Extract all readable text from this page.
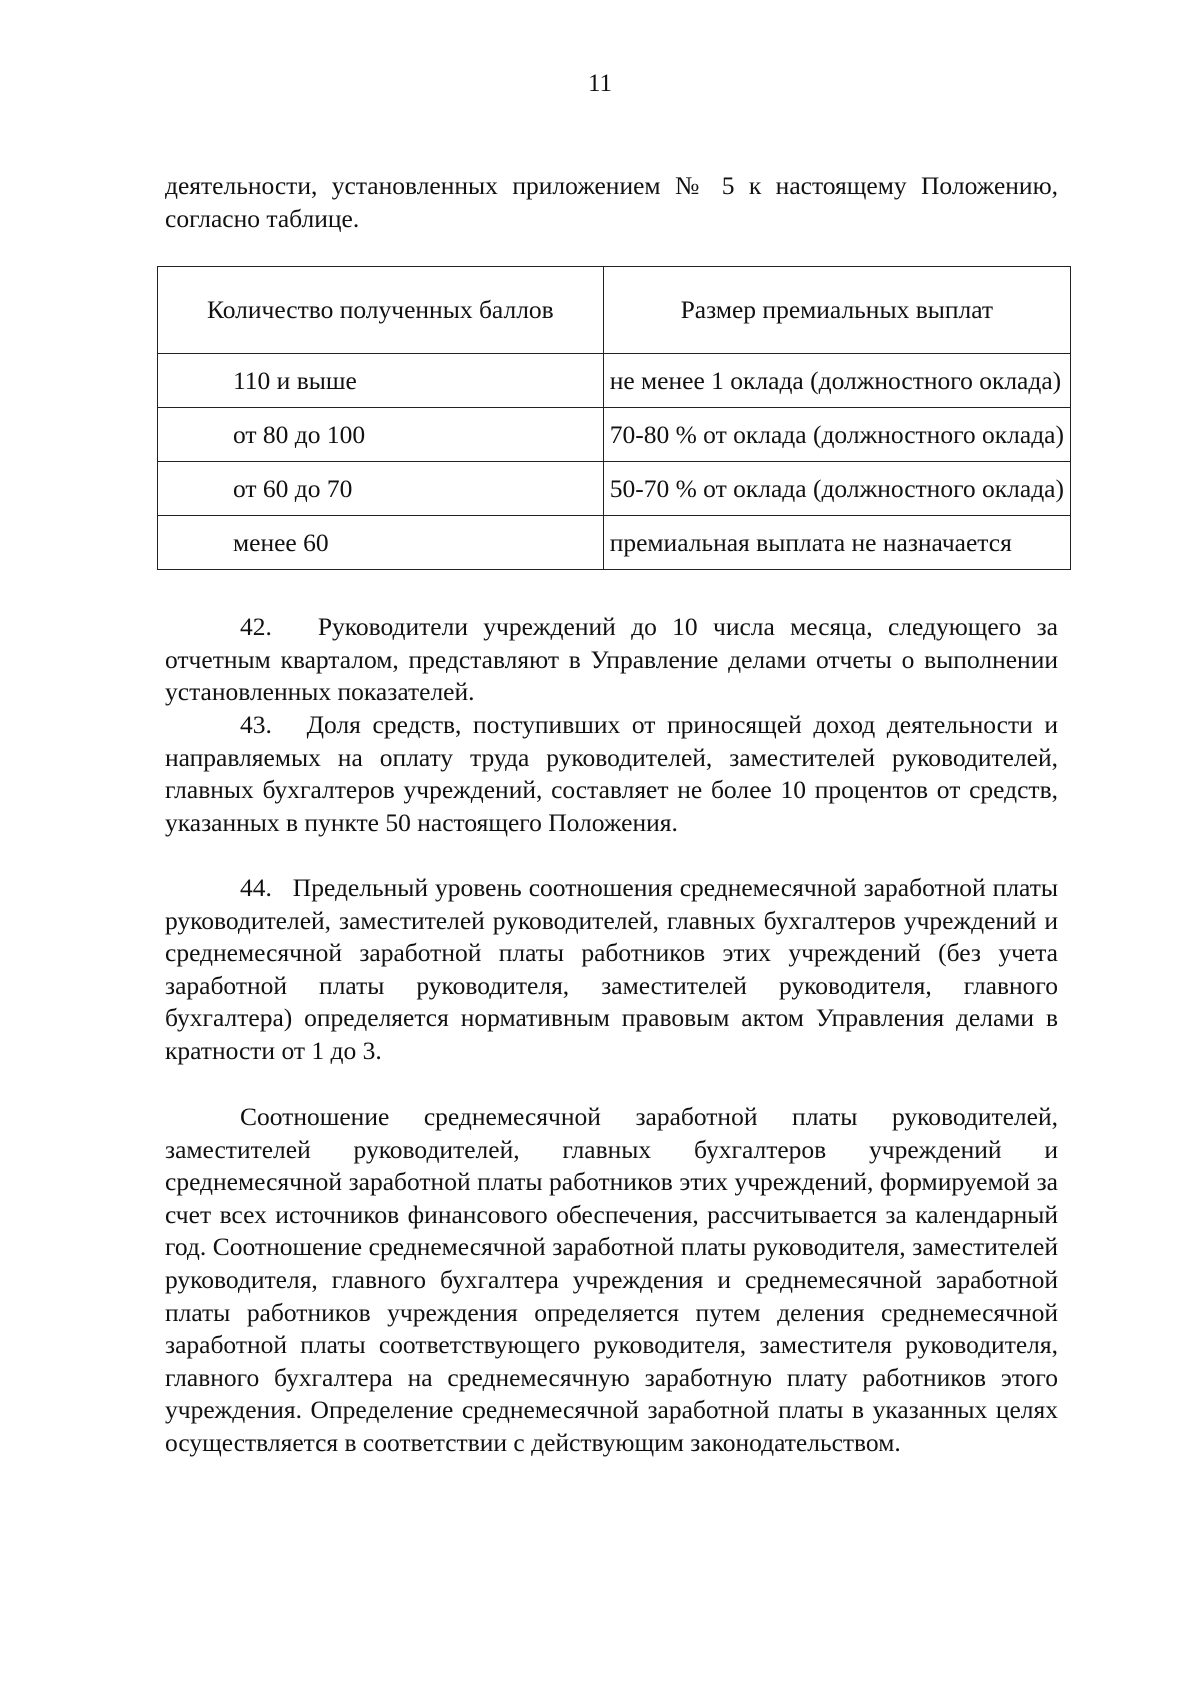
11

деятельности, установленных приложением № 5 к настоящему Положению, согласно таблице.

Количество полученных баллов	Размер премиальных выплат
110 и выше	не менее 1 оклада (должностного оклада)
от 80 до 100	70-80 % от оклада (должностного оклада)
от 60 до 70	50-70 % от оклада (должностного оклада)
менее 60	премиальная выплата не назначается

42.   Руководители учреждений до 10 числа месяца, следующего за отчетным кварталом, представляют в Управление делами отчеты о выполнении установленных показателей.

43.   Доля средств, поступивших от приносящей доход деятельности и направляемых на оплату труда руководителей, заместителей руководителей, главных бухгалтеров учреждений, составляет не более 10 процентов от средств, указанных в пункте 50 настоящего Положения.

44.   Предельный уровень соотношения среднемесячной заработной платы руководителей, заместителей руководителей, главных бухгалтеров учреждений и среднемесячной заработной платы работников этих учреждений (без учета заработной платы руководителя, заместителей руководителя, главного бухгалтера) определяется нормативным правовым актом Управления делами в кратности от 1 до 3.

Соотношение среднемесячной заработной платы руководителей, заместителей руководителей, главных бухгалтеров учреждений и среднемесячной заработной платы работников этих учреждений, формируемой за счет всех источников финансового обеспечения, рассчитывается за календарный год. Соотношение среднемесячной заработной платы руководителя, заместителей руководителя, главного бухгалтера учреждения и среднемесячной заработной платы работников учреждения определяется путем деления среднемесячной заработной платы соответствующего руководителя, заместителя руководителя, главного бухгалтера на среднемесячную заработную плату работников этого учреждения. Определение среднемесячной заработной платы в указанных целях осуществляется в соответствии с действующим законодательством.
